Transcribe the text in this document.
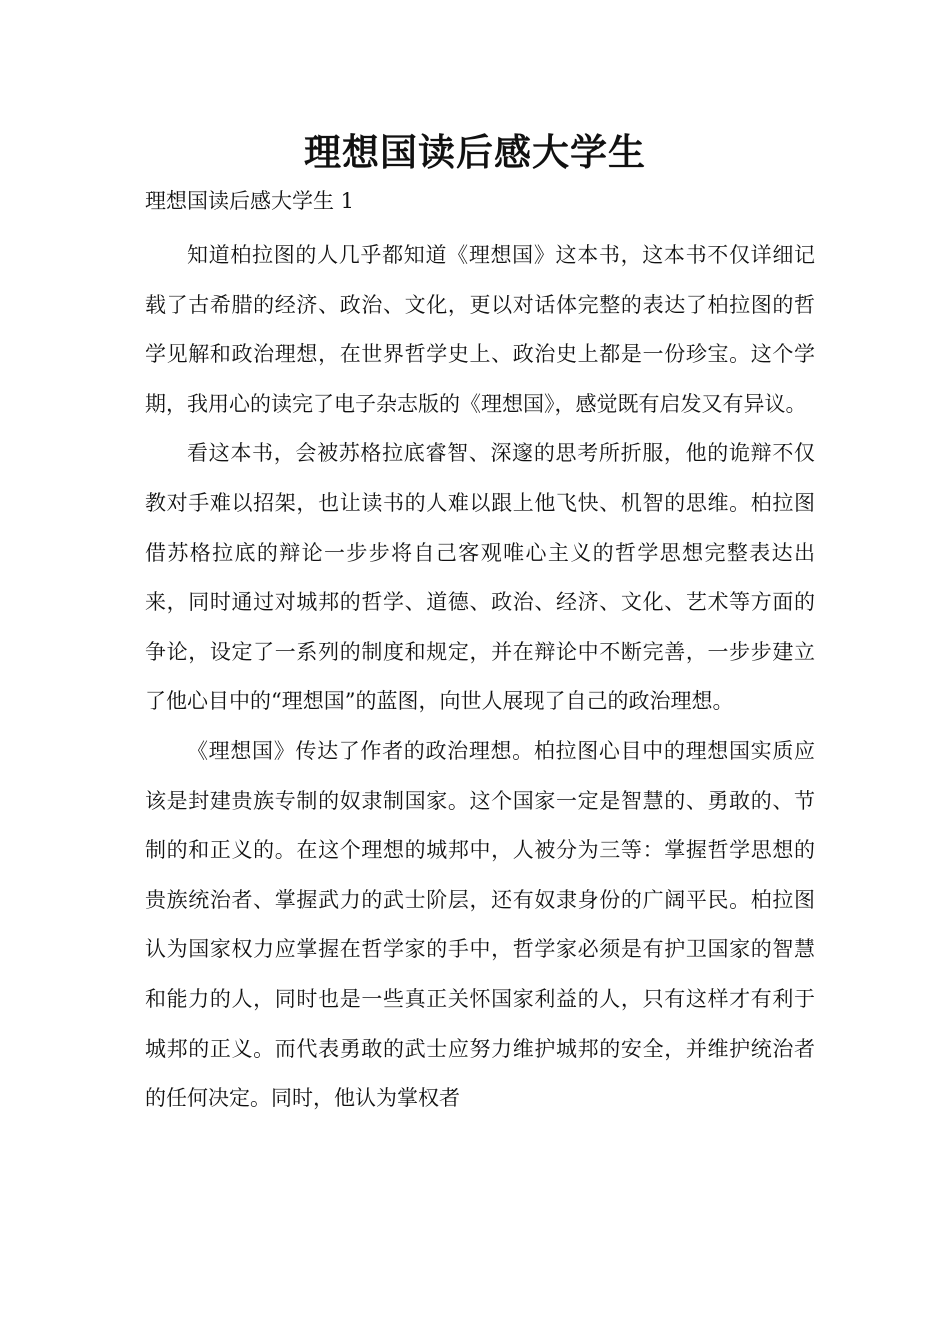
理想国读后感大学生
理想国读后感大学生 1

知道柏拉图的人几乎都知道《理想国》这本书，这本书不仅详细记载了古希腊的经济、政治、文化，更以对话体完整的表达了柏拉图的哲学见解和政治理想，在世界哲学史上、政治史上都是一份珍宝。这个学期，我用心的读完了电子杂志版的《理想国》，感觉既有启发又有异议。

看这本书，会被苏格拉底睿智、深邃的思考所折服，他的诡辩不仅教对手难以招架，也让读书的人难以跟上他飞快、机智的思维。柏拉图借苏格拉底的辩论一步步将自己客观唯心主义的哲学思想完整表达出来，同时通过对城邦的哲学、道德、政治、经济、文化、艺术等方面的争论，设定了一系列的制度和规定，并在辩论中不断完善，一步步建立了他心目中的“理想国”的蓝图，向世人展现了自己的政治理想。

《理想国》传达了作者的政治理想。柏拉图心目中的理想国实质应该是封建贵族专制的奴隶制国家。这个国家一定是智慧的、勇敢的、节制的和正义的。在这个理想的城邦中，人被分为三等：掌握哲学思想的贵族统治者、掌握武力的武士阶层，还有奴隶身份的广阔平民。柏拉图认为国家权力应掌握在哲学家的手中，哲学家必须是有护卫国家的智慧和能力的人，同时也是一些真正关怀国家利益的人，只有这样才有利于城邦的正义。而代表勇敢的武士应努力维护城邦的安全，并维护统治者的任何决定。同时，他认为掌权者
